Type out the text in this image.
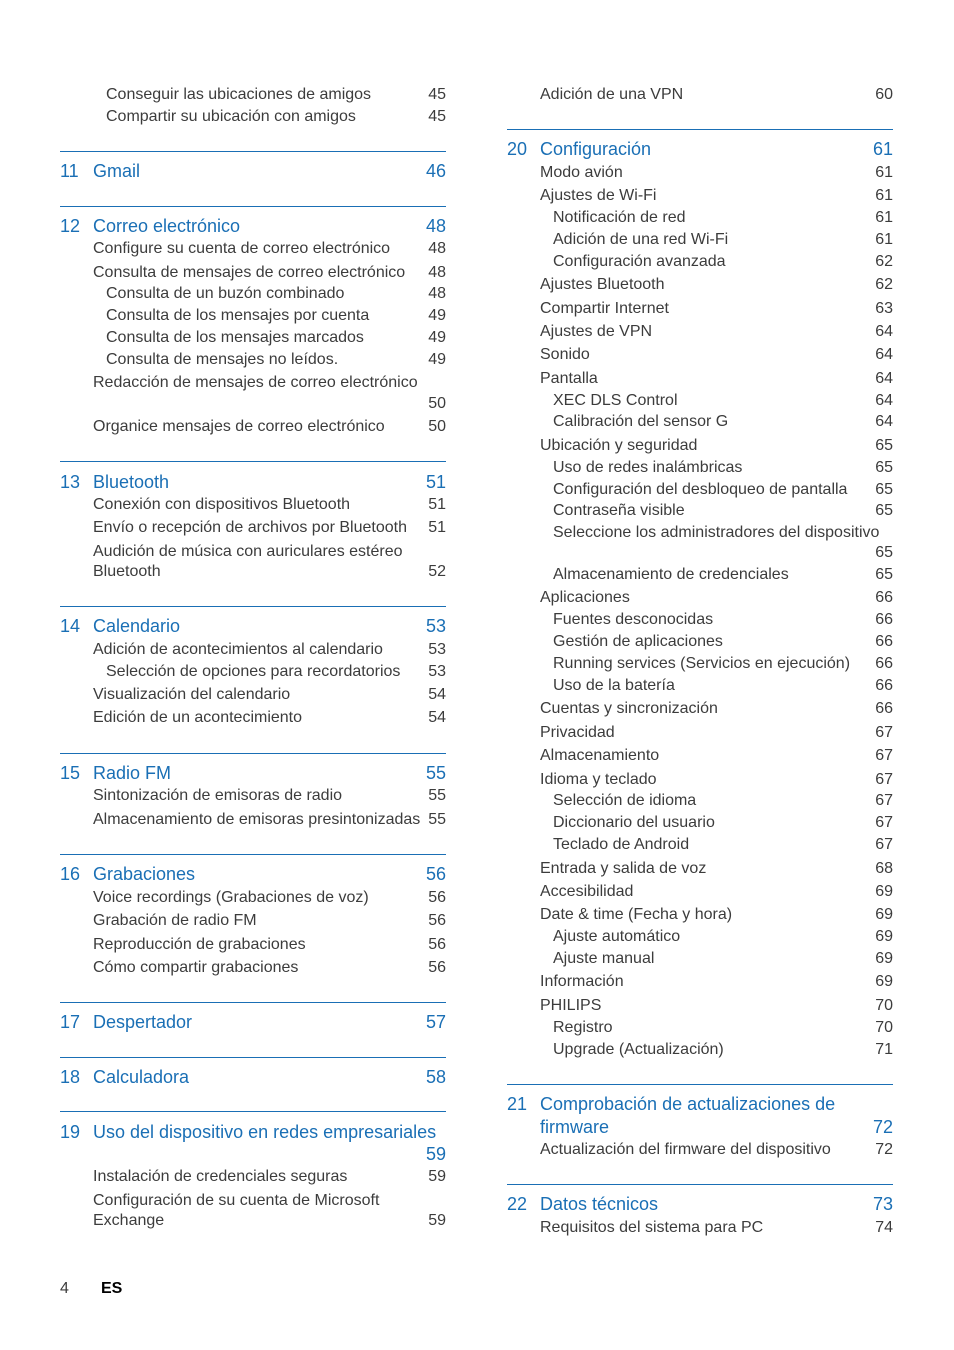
Conseguir las ubicaciones de amigos	45
Compartir su ubicación con amigos	45
11 Gmail	46
12 Correo electrónico	48
Configure su cuenta de correo electrónico 48
Consulta de mensajes de correo electrónico 48
Consulta de un buzón combinado	48
Consulta de los mensajes por cuenta	49
Consulta de los mensajes marcados	49
Consulta de mensajes no leídos.	49
Redacción de mensajes de correo electrónico
50
Organice mensajes de correo electrónico	50
13 Bluetooth	51
Conexión con dispositivos Bluetooth	51
Envío o recepción de archivos por Bluetooth 51
Audición de música con auriculares estéreo
Bluetooth	52
14 Calendario	53
Adición de acontecimientos al calendario	53
Selección de opciones para recordatorios 53
Visualización del calendario	54
Edición de un acontecimiento	54
15 Radio FM	55
Sintonización de emisoras de radio	55
Almacenamiento de emisoras presintonizadas 55
16 Grabaciones	56
Voice recordings (Grabaciones de voz)	56
Grabación de radio FM	56
Reproducción de grabaciones	56
Cómo compartir grabaciones	56
17 Despertador	57
18 Calculadora	58
19 Uso del dispositivo en redes empresariales
59
Instalación de credenciales seguras	59
Configuración de su cuenta de Microsoft
Exchange	59
Adición de una VPN	60
20 Configuración	61
Modo avión	61
Ajustes de Wi-Fi	61
Notificación de red	61
Adición de una red Wi-Fi	61
Configuración avanzada	62
Ajustes Bluetooth	62
Compartir Internet	63
Ajustes de VPN	64
Sonido	64
Pantalla	64
XEC DLS Control	64
Calibración del sensor G	64
Ubicación y seguridad	65
Uso de redes inalámbricas	65
Configuración del desbloqueo de pantalla 65
Contraseña visible	65
Seleccione los administradores del dispositivo
65
Almacenamiento de credenciales	65
Aplicaciones	66
Fuentes desconocidas	66
Gestión de aplicaciones	66
Running services (Servicios en ejecución) 66
Uso de la batería	66
Cuentas y sincronización	66
Privacidad	67
Almacenamiento	67
Idioma y teclado	67
Selección de idioma	67
Diccionario del usuario	67
Teclado de Android	67
Entrada y salida de voz	68
Accesibilidad	69
Date & time (Fecha y hora)	69
Ajuste automático	69
Ajuste manual	69
Información	69
PHILIPS	70
Registro	70
Upgrade (Actualización)	71
21 Comprobación de actualizaciones de
firmware	72
Actualización del firmware del dispositivo	72
22 Datos técnicos	73
Requisitos del sistema para PC	74
4 ES
